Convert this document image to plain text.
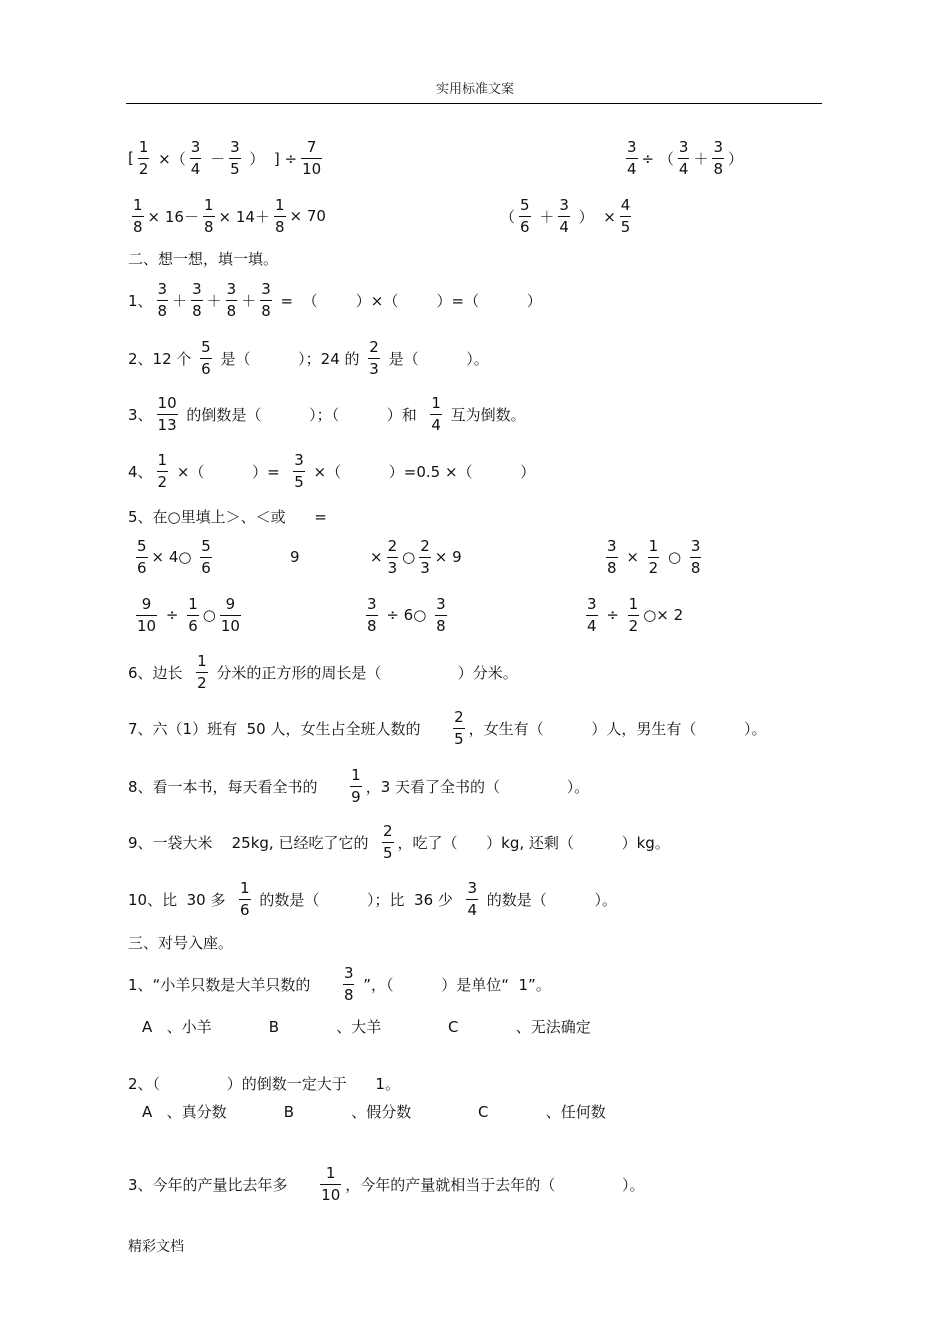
实用标准文案
[ $\frac{1}{2}$ ×（ $\frac{3}{4} - \frac{3}{5}$ ）  ] ÷ $\frac{7}{10}$	$\frac{3}{4}$ ÷ （ $\frac{3}{4} + \frac{3}{8}$ ）
$\frac{1}{8} \times 16- \frac{1}{8} \times 14+ \frac{1}{8} \times 70$	（ $\frac{5}{6} + \frac{3}{4}$ ）  × $\frac{4}{5}$
二、想一想，填一填。
1、 $\frac{3}{8} + \frac{3}{8} + \frac{3}{8} + \frac{3}{8}$ =  （        ）×（        ）=（          ）
2、12 个 $\frac{5}{6}$ 是（          ）；24 的 $\frac{2}{3}$ 是（          ）。
3、 $\frac{10}{13}$ 的倒数是（          ）；（          ）和 $\frac{1}{4}$ 互为倒数。
4、 $\frac{1}{2}$ ×（          ）= $\frac{3}{5}$ ×（          ）=0.5 ×（          ）
5、在○里填上＞、＜或      =
$\frac{5}{6}$ × 4○ $\frac{5}{6}$	9	× $\frac{2}{3}$ ○ $\frac{2}{3} \times 9$	$\frac{3}{8} \times \frac{1}{2}$ ○ $\frac{3}{8}$
$\frac{9}{10} \div \frac{1}{6}$ ○ $\frac{9}{10}$	$\frac{3}{8}$ ÷ 6○ $\frac{3}{8}$	$\frac{3}{4} \div \frac{1}{2}$ ○× 2
6、边长 $\frac{1}{2}$ 分米的正方形的周长是（                ）分米。
7、六（1）班有  50 人，女生占全班人数的 $\frac{2}{5}$ ，女生有（          ）人，男生有（          ）。
8、看一本书，每天看全书的 $\frac{1}{9}$ ，3 天看了全书的（              ）。
9、一袋大米    25kg, 已经吃了它的 $\frac{2}{5}$ ，吃了（      ）kg, 还剩（          ）kg。
10、比  30 多 $\frac{1}{6}$ 的数是（          ）；比  36 少 $\frac{3}{4}$ 的数是（          ）。
三、对号入座。
1、“小羊只数是大羊只数的 $\frac{3}{8}$ ”，（          ）是单位“  1”。
A   、小羊            B            、大羊              C            、无法确定
2、（              ）的倒数一定大于      1。
A   、真分数            B            、假分数              C            、任何数
3、今年的产量比去年多 $\frac{1}{10}$ ，今年的产量就相当于去年的（              ）。
精彩文档
